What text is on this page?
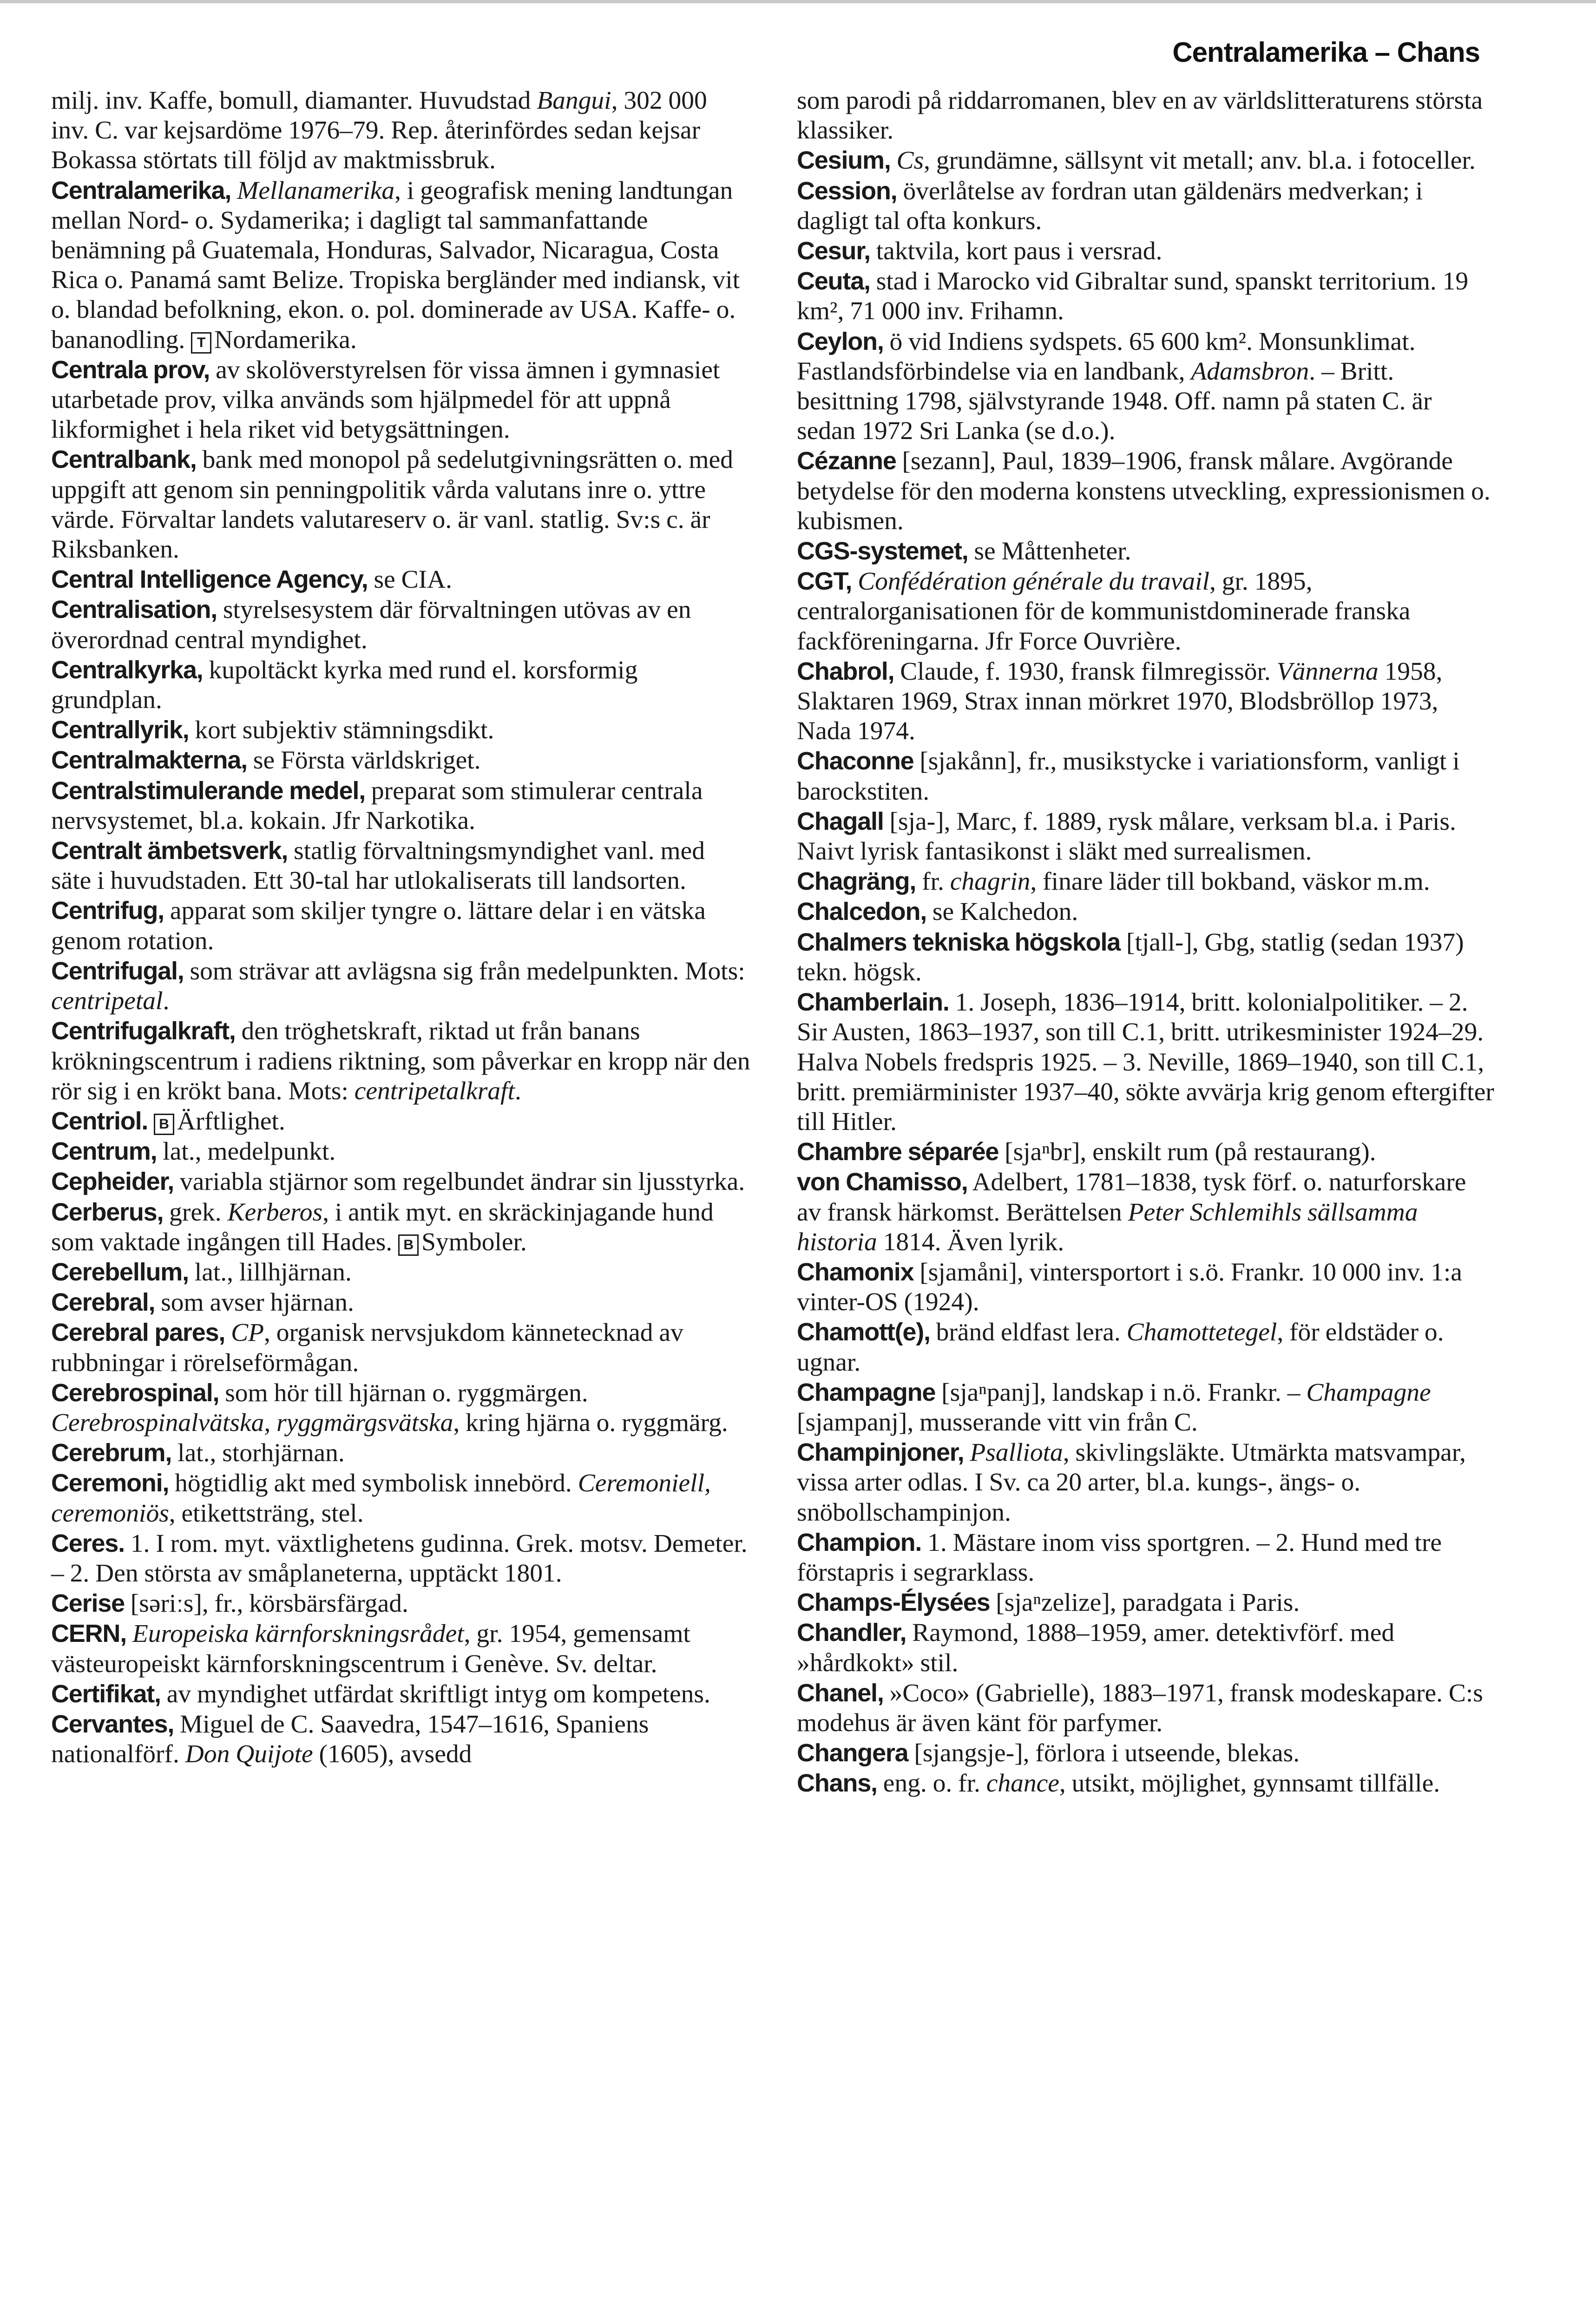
Centralamerika – Chans

milj. inv. Kaffe, bomull, diamanter. Huvudstad Bangui, 302 000 inv. C. var kejsardöme 1976–79. Rep. återinfördes sedan kejsar Bokassa störtats till följd av maktmissbruk.

Centralamerika, Mellanamerika, i geografisk mening landtungan mellan Nord- o. Sydamerika; i dagligt tal sammanfattande benämning på Guatemala, Honduras, Salvador, Nicaragua, Costa Rica o. Panamá samt Belize. Tropiska bergländer med indiansk, vit o. blandad befolkning, ekon. o. pol. dominerade av USA. Kaffe- o. bananodling. T Nordamerika.

Centrala prov, av skolöverstyrelsen för vissa ämnen i gymnasiet utarbetade prov, vilka används som hjälpmedel för att uppnå likformighet i hela riket vid betygsättningen.

Centralbank, bank med monopol på sedelutgivningsrätten o. med uppgift att genom sin penningpolitik vårda valutans inre o. yttre värde. Förvaltar landets valutareserv o. är vanl. statlig. Sv:s c. är Riksbanken.

Central Intelligence Agency, se CIA.

Centralisation, styrelsesystem där förvaltningen utövas av en överordnad central myndighet.

Centralkyrka, kupoltäckt kyrka med rund el. korsformig grundplan.

Centrallyrik, kort subjektiv stämningsdikt.

Centralmakterna, se Första världskriget.

Centralstimulerande medel, preparat som stimulerar centrala nervsystemet, bl.a. kokain. Jfr Narkotika.

Centralt ämbetsverk, statlig förvaltningsmyndighet vanl. med säte i huvudstaden. Ett 30-tal har utlokaliserats till landsorten.

Centrifug, apparat som skiljer tyngre o. lättare delar i en vätska genom rotation.

Centrifugal, som strävar att avlägsna sig från medelpunkten. Mots: centripetal.

Centrifugalkraft, den tröghetskraft, riktad ut från banans krökningscentrum i radiens riktning, som påverkar en kropp när den rör sig i en krökt bana. Mots: centripetalkraft.

Centriol. B Ärftlighet.

Centrum, lat., medelpunkt.

Cepheider, variabla stjärnor som regelbundet ändrar sin ljusstyrka.

Cerberus, grek. Kerberos, i antik myt. en skräckinjagande hund som vaktade ingången till Hades. B Symboler.

Cerebellum, lat., lillhjärnan.

Cerebral, som avser hjärnan.

Cerebral pares, CP, organisk nervsjukdom kännetecknad av rubbningar i rörelseförmågan.

Cerebrospinal, som hör till hjärnan o. ryggmärgen. Cerebrospinalvätska, ryggmärgsvätska, kring hjärna o. ryggmärg.

Cerebrum, lat., storhjärnan.

Ceremoni, högtidlig akt med symbolisk innebörd. Ceremoniell, ceremoniös, etikettsträng, stel.

Ceres. 1. I rom. myt. växtlighetens gudinna. Grek. motsv. Demeter. – 2. Den största av småplaneterna, upptäckt 1801.

Cerise [səriːs], fr., körsbärsfärgad.

CERN, Europeiska kärnforskningsrådet, gr. 1954, gemensamt västeuropeiskt kärnforskningscentrum i Genève. Sv. deltar.

Certifikat, av myndighet utfärdat skriftligt intyg om kompetens.

Cervantes, Miguel de C. Saavedra, 1547–1616, Spaniens nationalförf. Don Quijote (1605), avsedd

som parodi på riddarromanen, blev en av världslitteraturens största klassiker.

Cesium, Cs, grundämne, sällsynt vit metall; anv. bl.a. i fotoceller.

Cession, överlåtelse av fordran utan gäldenärs medverkan; i dagligt tal ofta konkurs.

Cesur, taktvila, kort paus i versrad.

Ceuta, stad i Marocko vid Gibraltar sund, spanskt territorium. 19 km², 71 000 inv. Frihamn.

Ceylon, ö vid Indiens sydspets. 65 600 km². Monsunklimat. Fastlandsförbindelse via en landbank, Adamsbron. – Britt. besittning 1798, självstyrande 1948. Off. namn på staten C. är sedan 1972 Sri Lanka (se d.o.).

Cézanne [sezann], Paul, 1839–1906, fransk målare. Avgörande betydelse för den moderna konstens utveckling, expressionismen o. kubismen.

CGS-systemet, se Måttenheter.

CGT, Confédération générale du travail, gr. 1895, centralorganisationen för de kommunistdominerade franska fackföreningarna. Jfr Force Ouvrière.

Chabrol, Claude, f. 1930, fransk filmregissör. Vännerna 1958, Slaktaren 1969, Strax innan mörkret 1970, Blodsbröllop 1973, Nada 1974.

Chaconne [sjakånn], fr., musikstycke i variationsform, vanligt i barockstiten.

Chagall [sja-], Marc, f. 1889, rysk målare, verksam bl.a. i Paris. Naivt lyrisk fantasikonst i släkt med surrealismen.

Chagräng, fr. chagrin, finare läder till bokband, väskor m.m.

Chalcedon, se Kalchedon.

Chalmers tekniska högskola [tjall-], Gbg, statlig (sedan 1937) tekn. högsk.

Chamberlain. 1. Joseph, 1836–1914, britt. kolonialpolitiker. – 2. Sir Austen, 1863–1937, son till C.1, britt. utrikesminister 1924–29. Halva Nobels fredspris 1925. – 3. Neville, 1869–1940, son till C.1, britt. premiärminister 1937–40, sökte avvärja krig genom eftergifter till Hitler.

Chambre séparée [sjaⁿbr], enskilt rum (på restaurang).

von Chamisso, Adelbert, 1781–1838, tysk förf. o. naturforskare av fransk härkomst. Berättelsen Peter Schlemihls sällsamma historia 1814. Även lyrik.

Chamonix [sjamåni], vintersportort i s.ö. Frankr. 10 000 inv. 1:a vinter-OS (1924).

Chamott(e), bränd eldfast lera. Chamottetegel, för eldstäder o. ugnar.

Champagne [sjaⁿpanj], landskap i n.ö. Frankr. – Champagne [sjampanj], musserande vitt vin från C.

Champinjoner, Psalliota, skivlingsläkte. Utmärkta matsvampar, vissa arter odlas. I Sv. ca 20 arter, bl.a. kungs-, ängs- o. snöbollschampinjon.

Champion. 1. Mästare inom viss sportgren. – 2. Hund med tre förstapris i segrarklass.

Champs-Élysées [sjaⁿzelize], paradgata i Paris.

Chandler, Raymond, 1888–1959, amer. detektivförf. med »hårdkokt» stil.

Chanel, »Coco» (Gabrielle), 1883–1971, fransk modeskapare. C:s modehus är även känt för parfymer.

Changera [sjangsje-], förlora i utseende, blekas.

Chans, eng. o. fr. chance, utsikt, möjlighet, gynnsamt tillfälle.
